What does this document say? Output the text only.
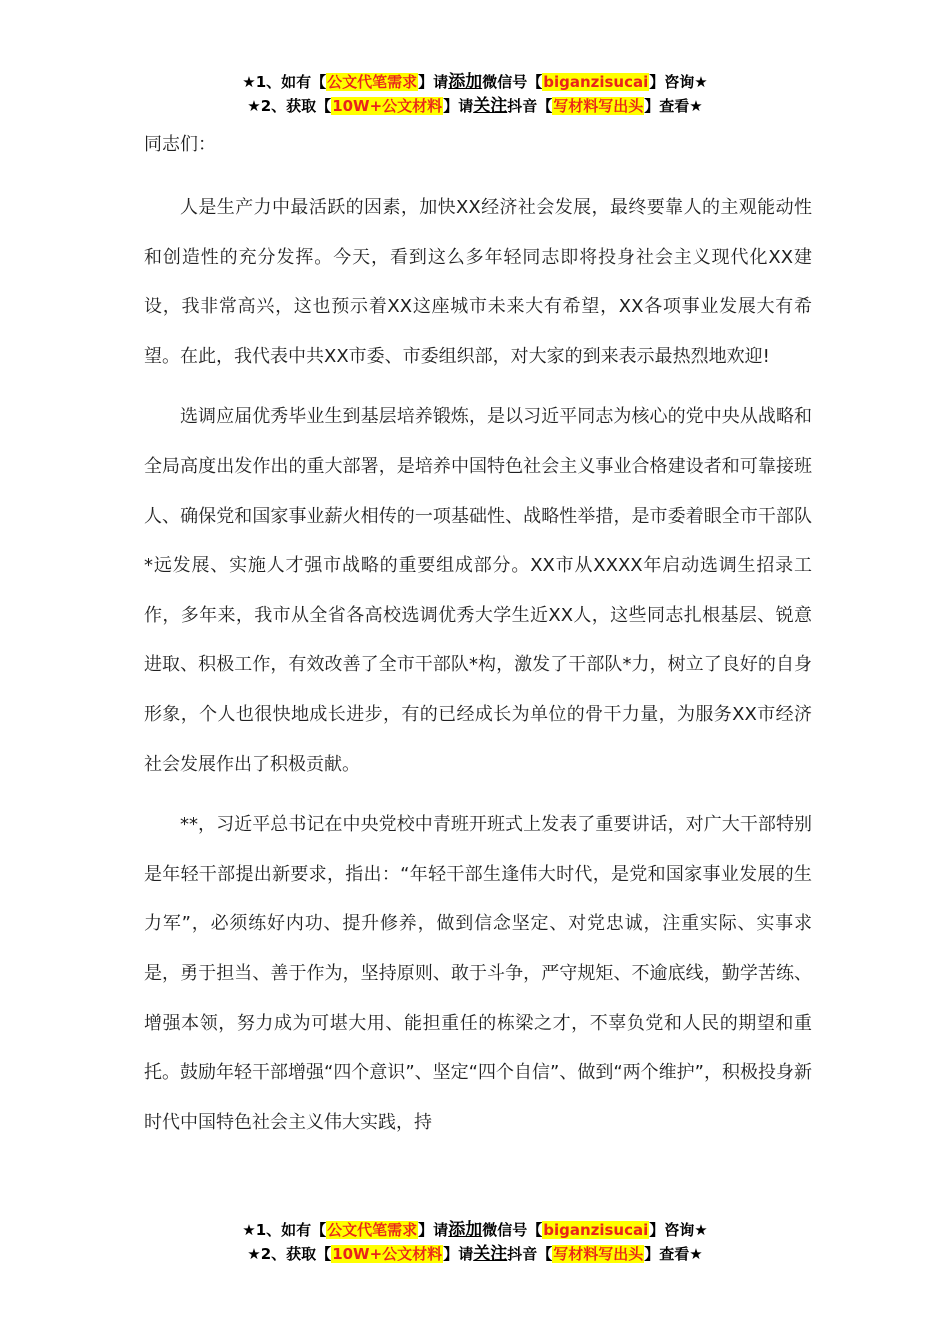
★1、如有【公文代笔需求】请添加微信号【biganzisucai】咨询★
★2、获取【10W+公文材料】请关注抖音【写材料写出头】查看★

同志们：

人是生产力中最活跃的因素，加快XX经济社会发展，最终要靠人的主观能动性和创造性的充分发挥。今天，看到这么多年轻同志即将投身社会主义现代化XX建设，我非常高兴，这也预示着XX这座城市未来大有希望，XX各项事业发展大有希望。在此，我代表中共XX市委、市委组织部，对大家的到来表示最热烈地欢迎!

选调应届优秀毕业生到基层培养锻炼，是以习近平同志为核心的党中央从战略和全局高度出发作出的重大部署，是培养中国特色社会主义事业合格建设者和可靠接班人、确保党和国家事业薪火相传的一项基础性、战略性举措，是市委着眼全市干部队*远发展、实施人才强市战略的重要组成部分。XX市从XXXX年启动选调生招录工作，多年来，我市从全省各高校选调优秀大学生近XX人，这些同志扎根基层、锐意进取、积极工作，有效改善了全市干部队*构，激发了干部队*力，树立了良好的自身形象，个人也很快地成长进步，有的已经成长为单位的骨干力量，为服务XX市经济社会发展作出了积极贡献。

**，习近平总书记在中央党校中青班开班式上发表了重要讲话，对广大干部特别是年轻干部提出新要求，指出：“年轻干部生逢伟大时代，是党和国家事业发展的生力军”，必须练好内功、提升修养，做到信念坚定、对党忠诚，注重实际、实事求是，勇于担当、善于作为，坚持原则、敢于斗争，严守规矩、不逾底线，勤学苦练、增强本领，努力成为可堪大用、能担重任的栋梁之才，不辜负党和人民的期望和重托。鼓励年轻干部增强“四个意识”、坚定“四个自信”、做到“两个维护”，积极投身新时代中国特色社会主义伟大实践，持

★1、如有【公文代笔需求】请添加微信号【biganzisucai】咨询★
★2、获取【10W+公文材料】请关注抖音【写材料写出头】查看★
